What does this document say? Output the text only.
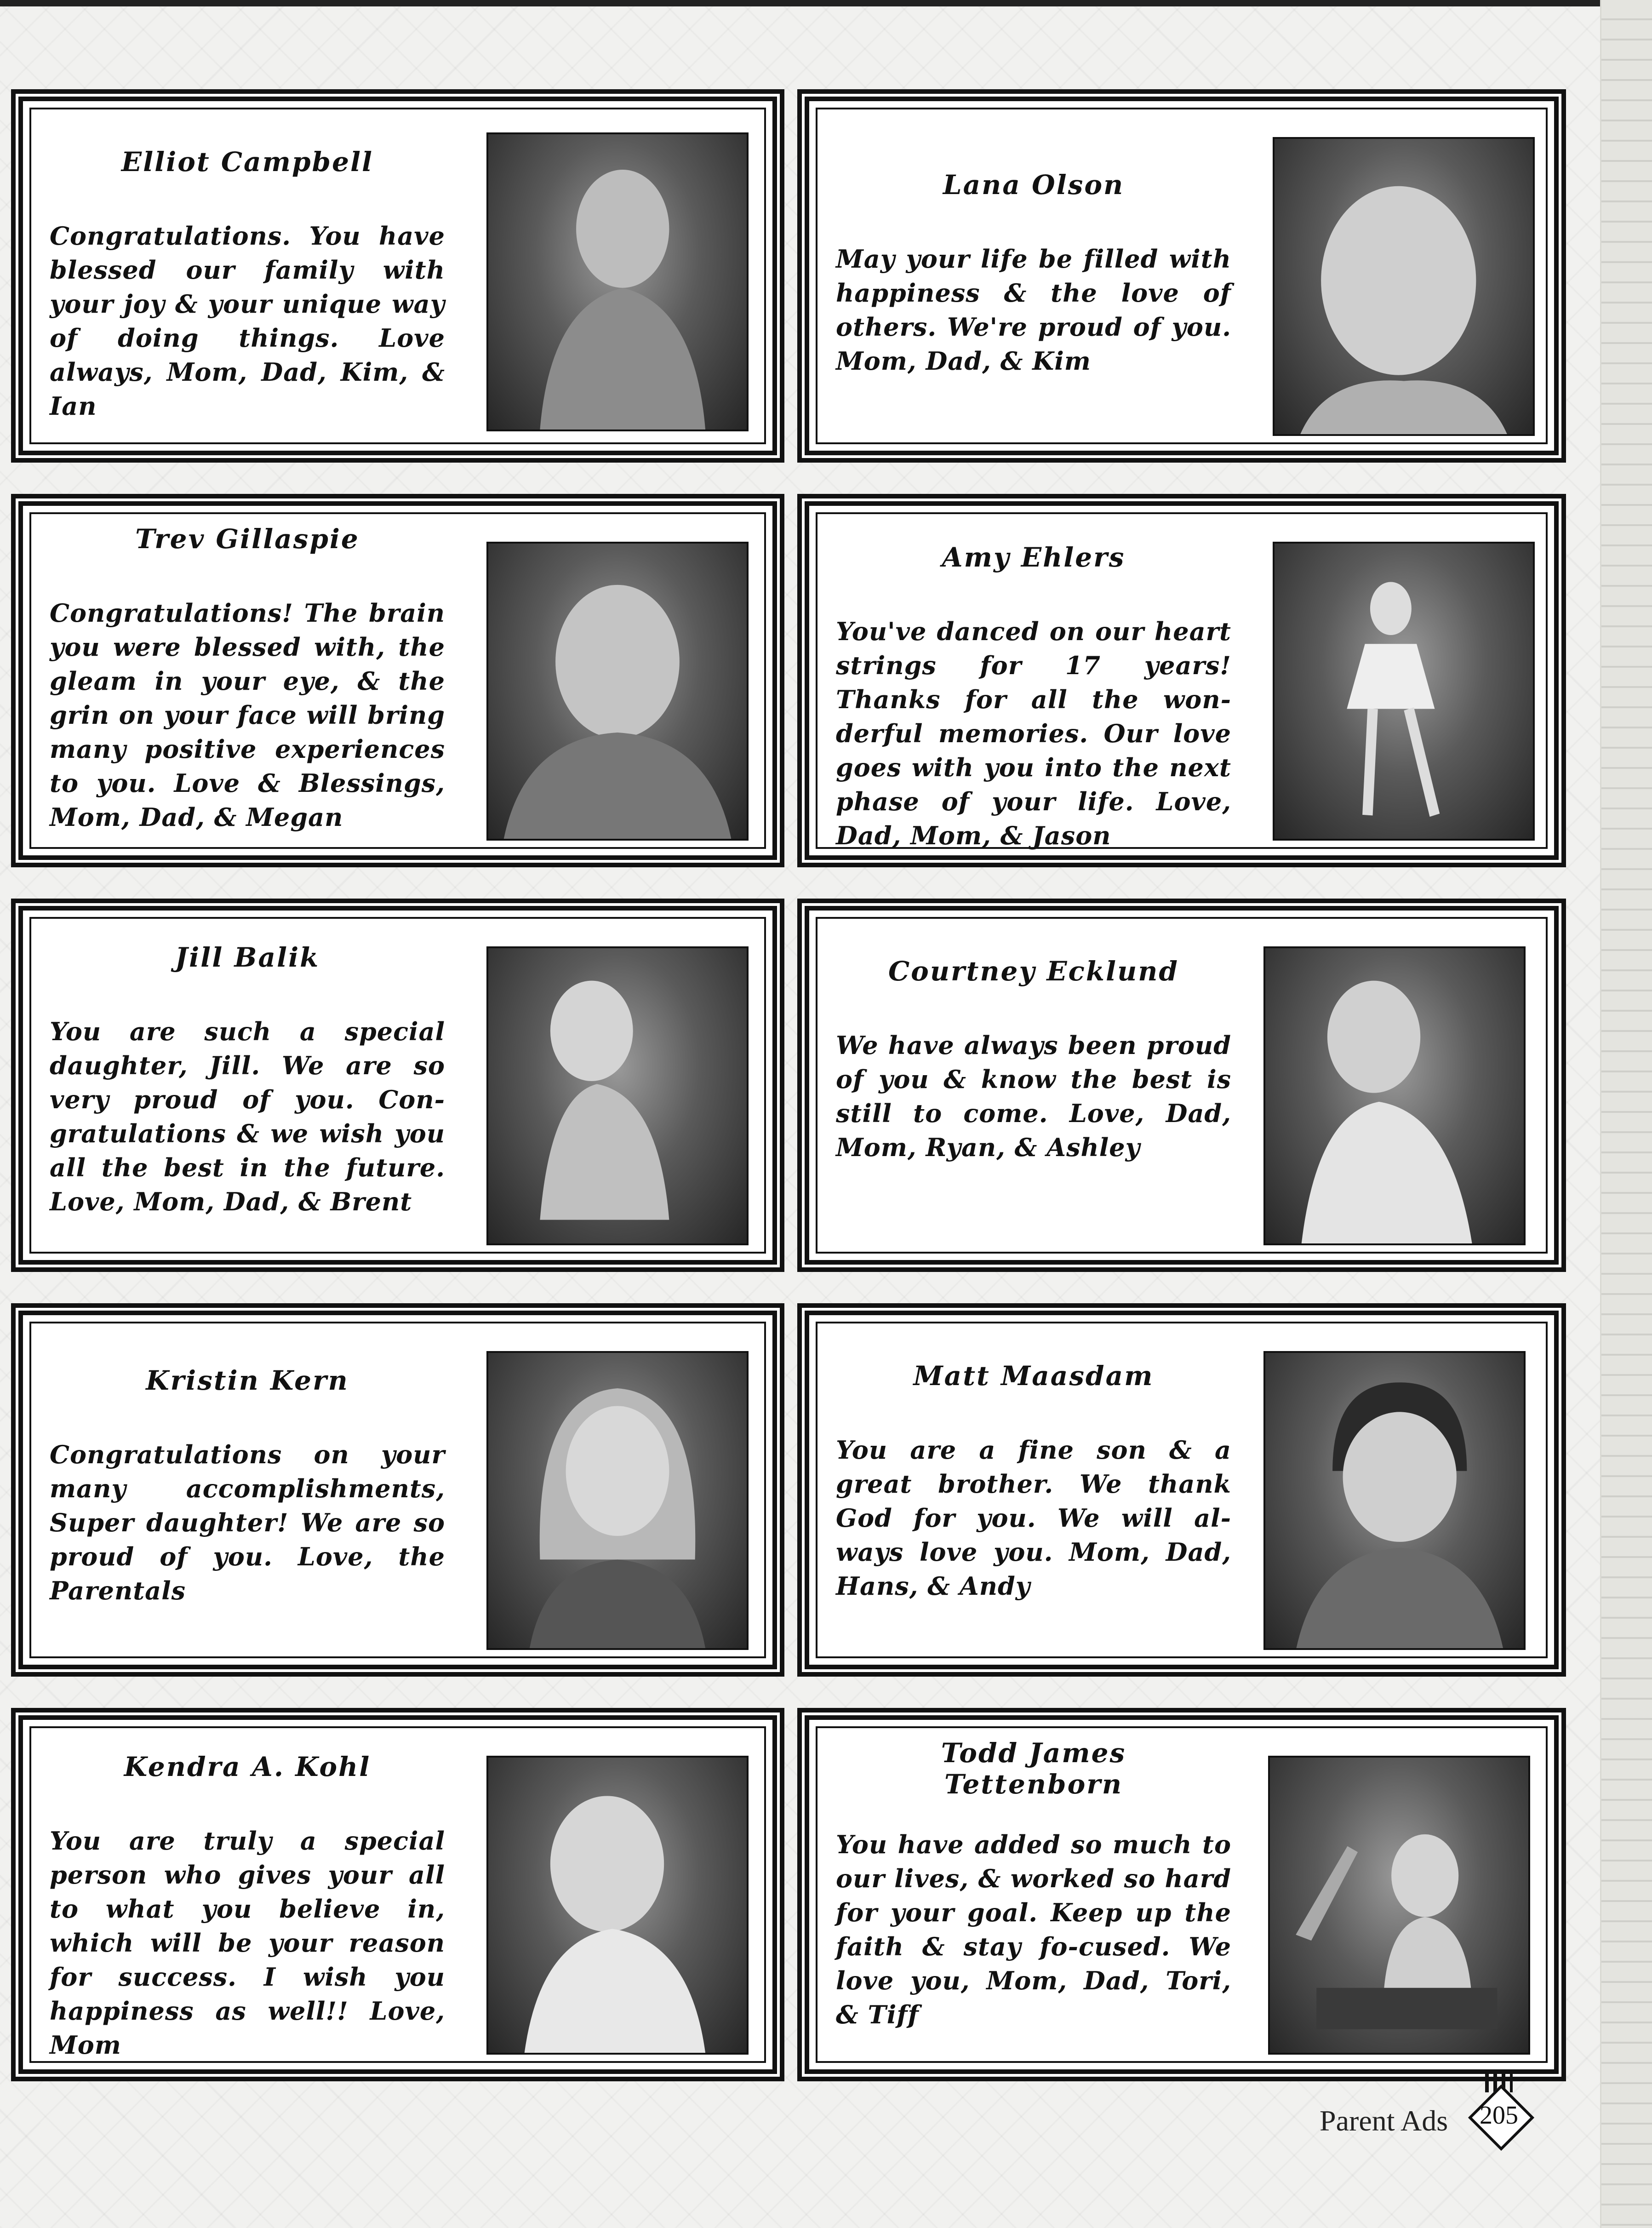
Elliot Campbell

Congratulations. You have blessed our family with your joy & your unique way of doing things. Love always, Mom, Dad, Kim, & Ian

Lana Olson

May your life be filled with happiness & the love of others. We're proud of you. Mom, Dad, & Kim

Trev Gillaspie

Congratulations! The brain you were blessed with, the gleam in your eye, & the grin on your face will bring many positive experiences to you. Love & Blessings, Mom, Dad, & Megan

Amy Ehlers

You've danced on our heart strings for 17 years! Thanks for all the won-derful memories. Our love goes with you into the next phase of your life. Love, Dad, Mom, & Jason

Jill Balik

You are such a special daughter, Jill. We are so very proud of you. Con-gratulations & we wish you all the best in the future. Love, Mom, Dad, & Brent

Courtney Ecklund

We have always been proud of you & know the best is still to come. Love, Dad, Mom, Ryan, & Ashley

Kristin Kern

Congratulations on your many accomplishments, Super daughter! We are so proud of you. Love, the Parentals

Matt Maasdam

You are a fine son & a great brother. We thank God for you. We will al-ways love you. Mom, Dad, Hans, & Andy

Kendra A. Kohl

You are truly a special person who gives your all to what you believe in, which will be your reason for success. I wish you happiness as well!! Love, Mom

Todd James Tettenborn

You have added so much to our lives, & worked so hard for your goal. Keep up the faith & stay fo-cused. We love you, Mom, Dad, Tori, & Tiff

Parent Ads	205
